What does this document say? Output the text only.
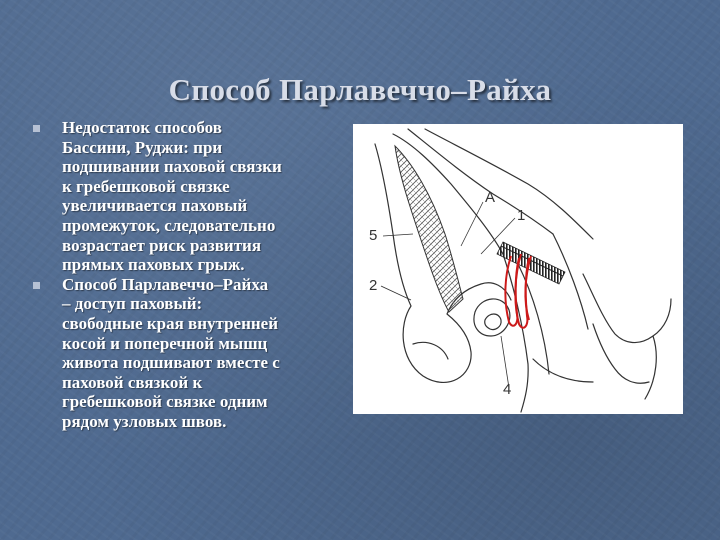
Способ Парлавеччо–Райха
Недостаток способов
Бассини, Руджи: при
подшивании паховой связки
к гребешковой связке
увеличивается паховый
промежуток, следовательно
возрастает риск развития
прямых паховых грыж.
Способ Парлавеччо–Райха
– доступ паховый:
свободные края внутренней
косой и поперечной мышц
живота подшивают вместе с
паховой связкой к
гребешковой связке одним
рядом узловых швов.
A
1
5
2
4
